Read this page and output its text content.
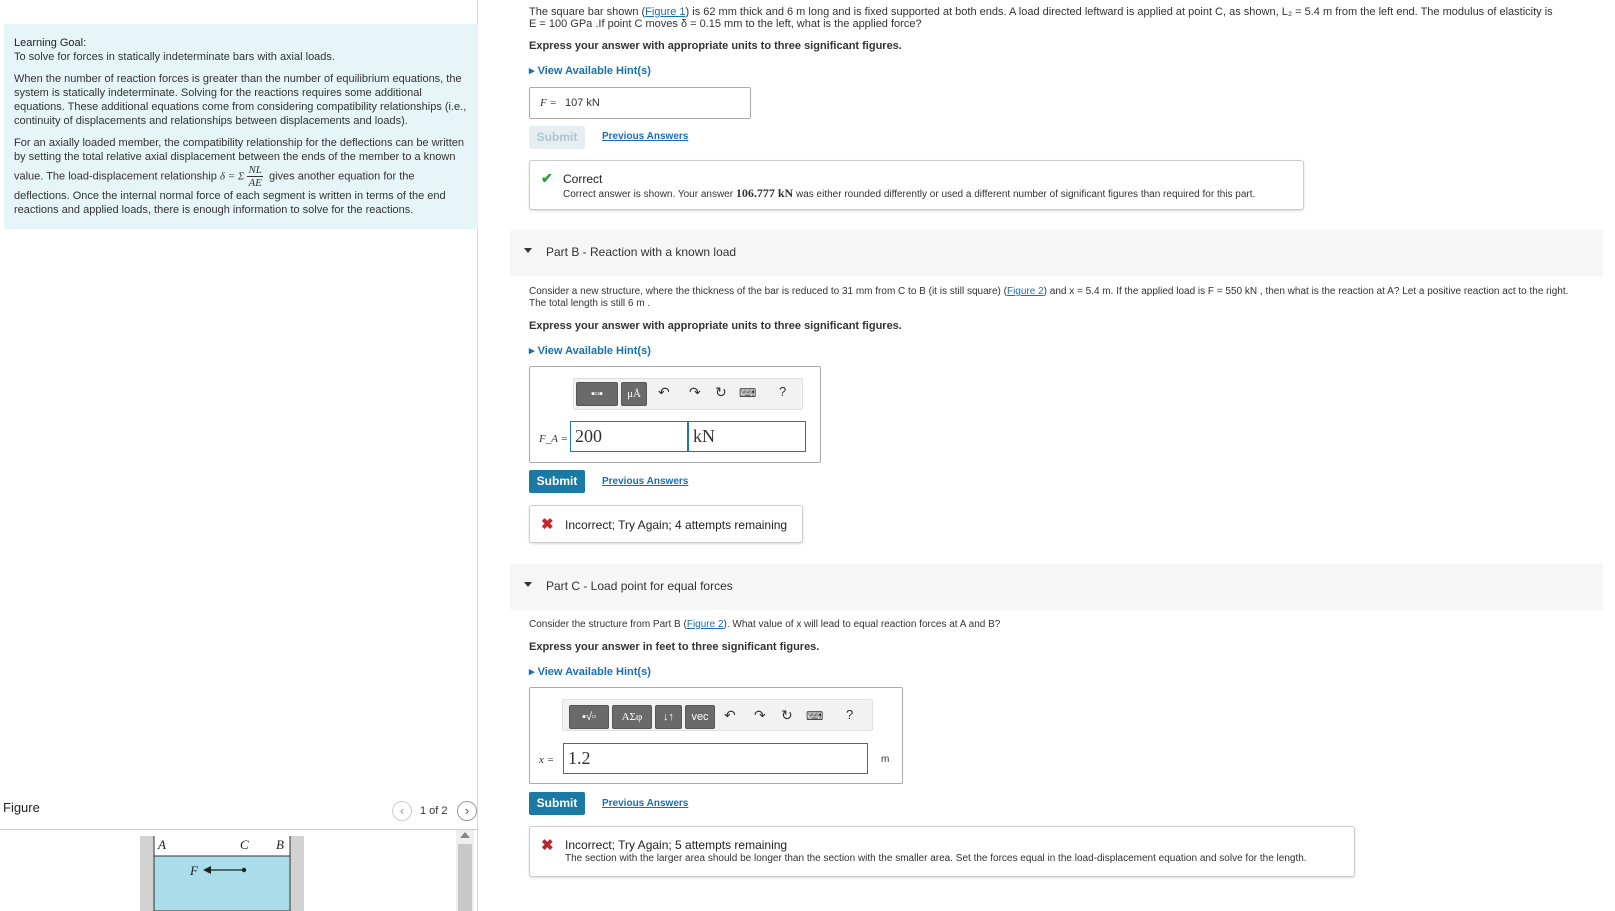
Learning Goal:

To solve for forces in statically indeterminate bars with axial loads.

When the number of reaction forces is greater than the number of equilibrium equations, the system is statically indeterminate. Solving for the reactions requires some additional equations. These additional equations come from considering compatibility relationships (i.e., continuity of displacements and relationships between displacements and loads).

For an axially loaded member, the compatibility relationship for the deflections can be written by setting the total relative axial displacement between the ends of the member to a known value. The load-displacement relationship δ = Σ $\frac{NL}{AE}$ gives another equation for the deflections. Once the internal normal force of each segment is written in terms of the end reactions and applied loads, there is enough information to solve for the reactions.

Figure	‹	1 of 2	›
A	C B
F
The square bar shown (Figure 1) is 62 mm thick and 6 m long and is fixed supported at both ends. A load directed leftward is applied at point C, as shown, L₂ = 5.4 m from the left end. The modulus of elasticity is E = 100 GPa .If point C moves δ = 0.15 mm to the left, what is the applied force?
Express your answer with appropriate units to three significant figures.
▸ View Available Hint(s)
F = 107 kN
Submit	Previous Answers
✔ Correct
Correct answer is shown. Your answer 106.777 kN was either rounded differently or used a different number of significant figures than required for this part.
Part B - Reaction with a known load
Consider a new structure, where the thickness of the bar is reduced to 31 mm from C to B (it is still square) (Figure 2) and x = 5.4 m. If the applied load is F = 550 kN , then what is the reaction at A? Let a positive reaction act to the right. The total length is still 6 m .
Express your answer with appropriate units to three significant figures.
▸ View Available Hint(s)
▪▫▪	μÅ	↶ ↷ ↻ ⌨ ?
F_A = 200	kN
Submit	Previous Answers
✖ Incorrect; Try Again; 4 attempts remaining
Part C - Load point for equal forces
Consider the structure from Part B (Figure 2). What value of x will lead to equal reaction forces at A and B?
Express your answer in feet to three significant figures.
▸ View Available Hint(s)
▪√▫	ΑΣφ	↓↑	vec	↶ ↷ ↻ ⌨ ?
x = 1.2	m
Submit	Previous Answers
✖ Incorrect; Try Again; 5 attempts remaining
The section with the larger area should be longer than the section with the smaller area. Set the forces equal in the load-displacement equation and solve for the length.
